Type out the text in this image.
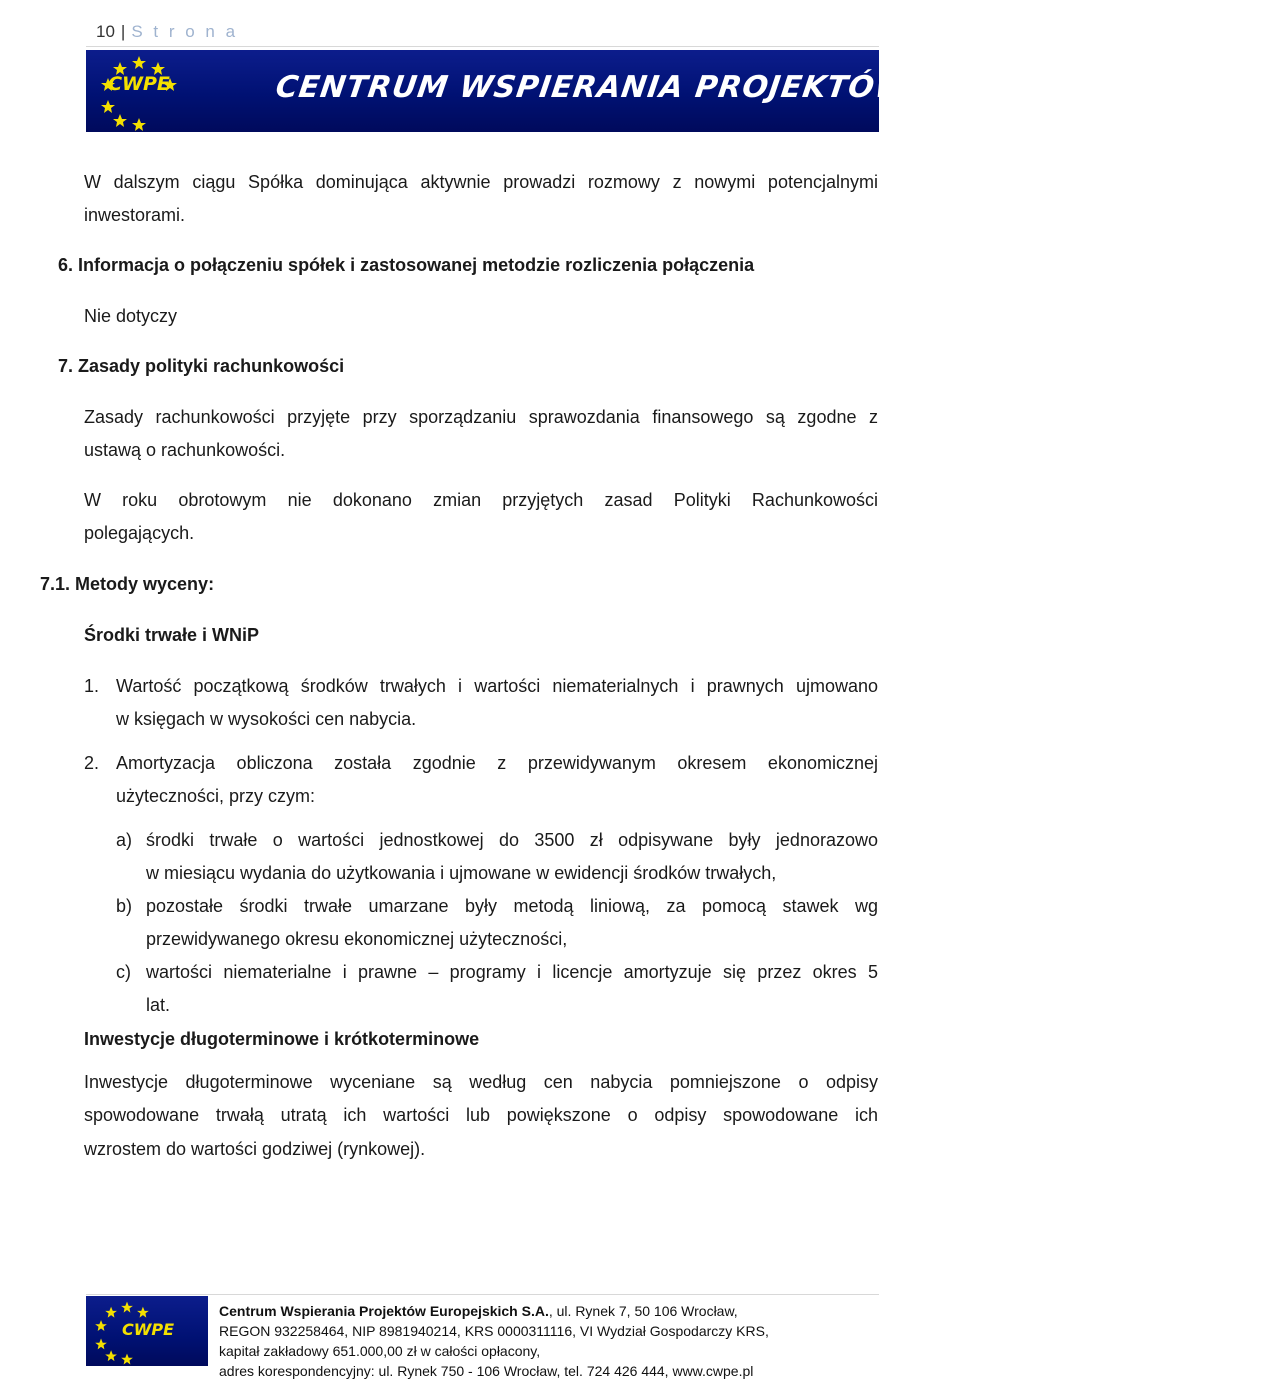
10 | S t r o n a
CWPE	CENTRUM WSPIERANIA PROJEKTÓW EUROPEJSKICH S.A.
W dalszym ciągu Spółka dominująca aktywnie prowadzi rozmowy z nowymi potencjalnymi
inwestorami.
6. Informacja o połączeniu spółek i zastosowanej metodzie rozliczenia połączenia
Nie dotyczy
7. Zasady polityki rachunkowości
Zasady rachunkowości przyjęte przy sporządzaniu sprawozdania finansowego są zgodne z
ustawą o rachunkowości.
W roku obrotowym nie dokonano zmian przyjętych zasad Polityki Rachunkowości
polegających.
7.1. Metody wyceny:
Środki trwałe i WNiP
1. Wartość początkową środków trwałych i wartości niematerialnych i prawnych ujmowano
w księgach w wysokości cen nabycia.
2. Amortyzacja obliczona została zgodnie z przewidywanym okresem ekonomicznej
użyteczności, przy czym:
a) środki trwałe o wartości jednostkowej do 3500 zł odpisywane były jednorazowo
w miesiącu wydania do użytkowania i ujmowane w ewidencji środków trwałych,
b) pozostałe środki trwałe umarzane były metodą liniową, za pomocą stawek wg
przewidywanego okresu ekonomicznej użyteczności,
c) wartości niematerialne i prawne – programy i licencje amortyzuje się przez okres 5
lat.
Inwestycje długoterminowe i krótkoterminowe
Inwestycje długoterminowe wyceniane są według cen nabycia pomniejszone o odpisy
spowodowane trwałą utratą ich wartości lub powiększone o odpisy spowodowane ich
wzrostem do wartości godziwej (rynkowej).
CWPE
Centrum Wspierania Projektów Europejskich S.A., ul. Rynek 7, 50 106 Wrocław,
REGON 932258464, NIP 8981940214, KRS 0000311116, VI Wydział Gospodarczy KRS,
kapitał zakładowy 651.000,00 zł w całości opłacony,
adres korespondencyjny: ul. Rynek 750 - 106 Wrocław, tel. 724 426 444, www.cwpe.pl
